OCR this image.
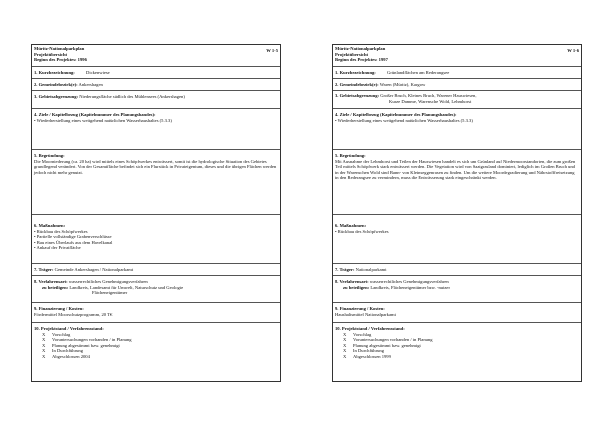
Müritz-Nationalparkplan
Projektübersicht
W 1-5
Beginn des Projektes: 1996
1. Kurzbezeichnung: Dickenwiese
2. Gemeindebezirk(e): Ankershagen
3. Gebietsabgrenzung: Niederungsfläche südlich des Mühlensees (Ankershagen)
4. Ziele / Kapitelbezug (Kapitelnummer des Planungsbandes):
• Wiederherstellung eines weitgehend natürlichen Wasserhaushaltes (5.3.3)
5. Begründung:
Die Moorniederung (ca. 20 ha) wird mittels eines Schöpfwerkes entwässert, somit ist die hydrologische Situation des Gebietes grundlegend verändert. Von der Gesamtfläche befindet sich ein Flurstück in Privateigentum, dieses und die übrigen Flächen werden jedoch nicht mehr genutzt.
6. Maßnahmen:
• Rückbau des Schöpfwerkes
• Partielle vollständige Grabenverschlüsse
• Bau eines Überlaufs aus dem Havelkanal
• Ankauf der Privatfläche
7. Träger: Gemeinde Ankershagen / Nationalparkamt
8. Verfahrensart: wasserrechtliches Genehmigungsverfahren
zu beteiligen: Landkreis, Landesamt für Umwelt, Naturschutz und Geologie
Flächeneigentümer
9. Finanzierung / Kosten:
Fördermittel Moorschutzprogramm, 20 T€
10. Projektstand / Verfahrensstand:
X	Vorschlag
X	Voruntersuchungen vorhanden / in Planung
X	Planung abgestimmt bzw. genehmigt
X	In Durchführung
X	Abgeschlossen 2004
Müritz-Nationalparkplan
Projektübersicht
W 1-6
Beginn des Projektes: 1997
1. Kurzbezeichnung: Grünlandflächen am Rederangsee
2. Gemeindebezirk(e): Waren (Müritz), Kargow
3. Gebietsabgrenzung: Großer Bruch, Kleines Bruch, Warener Hauswiesen,
Kurze Damme, Warensche Wold, Lehmhorst
4. Ziele / Kapitelbezug (Kapitelnummer des Planungsbandes):
• Wiederherstellung eines weitgehend natürlichen Wasserhaushaltes (5.3.3)
5. Begründung:
Mit Ausnahme der Lehmhorst und Teilen der Hauswiesen handelt es sich um Grünland auf Niedermoorstandorten, die zum großen Teil mittels Schöpfwerk stark entwässert werden. Die Vegetation wird von Saatgrasland dominiert, lediglich im Großen Bruch und in der Warenschen Wold sind Bann- von Kleinseggenrasen zu finden. Um die weitere Moordegradierung und Nährstofffreisetzung in den Rederangsee zu vermindern, muss die Entwässerung stark eingeschränkt werden.
6. Maßnahmen:
• Rückbau des Schöpfwerkes
7. Träger: Nationalparkamt
8. Verfahrensart: wasserrechtliches Genehmigungsverfahren
zu beteiligen: Landkreis, Flächeneigentümer bzw. -nutzer
9. Finanzierung / Kosten:
Haushaltsmittel Nationalparkamt
10. Projektstand / Verfahrensstand:
X	Vorschlag
X	Voruntersuchungen vorhanden / in Planung
X	Planung abgestimmt bzw. genehmigt
X	In Durchführung
X	Abgeschlossen 1999
